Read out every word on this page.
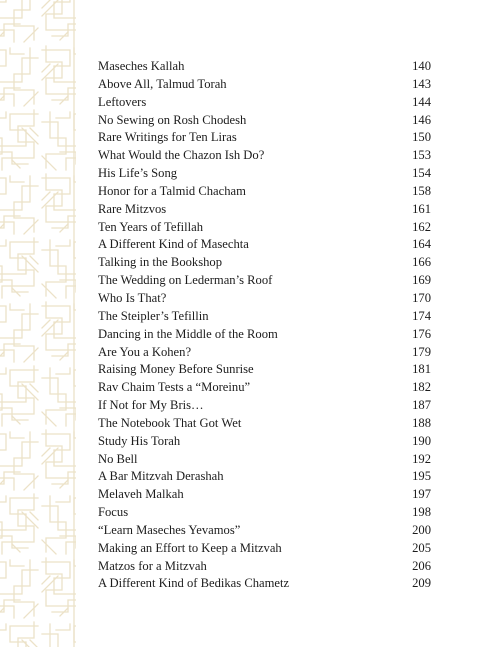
Maseches Kallah	140
Above All, Talmud Torah	143
Leftovers	144
No Sewing on Rosh Chodesh	146
Rare Writings for Ten Liras	150
What Would the Chazon Ish Do?	153
His Life’s Song	154
Honor for a Talmid Chacham	158
Rare Mitzvos	161
Ten Years of Tefillah	162
A Different Kind of Masechta	164
Talking in the Bookshop	166
The Wedding on Lederman’s Roof	169
Who Is That?	170
The Steipler’s Tefillin	174
Dancing in the Middle of the Room	176
Are You a Kohen?	179
Raising Money Before Sunrise	181
Rav Chaim Tests a “Moreinu”	182
If Not for My Bris…	187
The Notebook That Got Wet	188
Study His Torah	190
No Bell	192
A Bar Mitzvah Derashah	195
Melaveh Malkah	197
Focus	198
“Learn Maseches Yevamos”	200
Making an Effort to Keep a Mitzvah	205
Matzos for a Mitzvah	206
A Different Kind of Bedikas Chametz	209
